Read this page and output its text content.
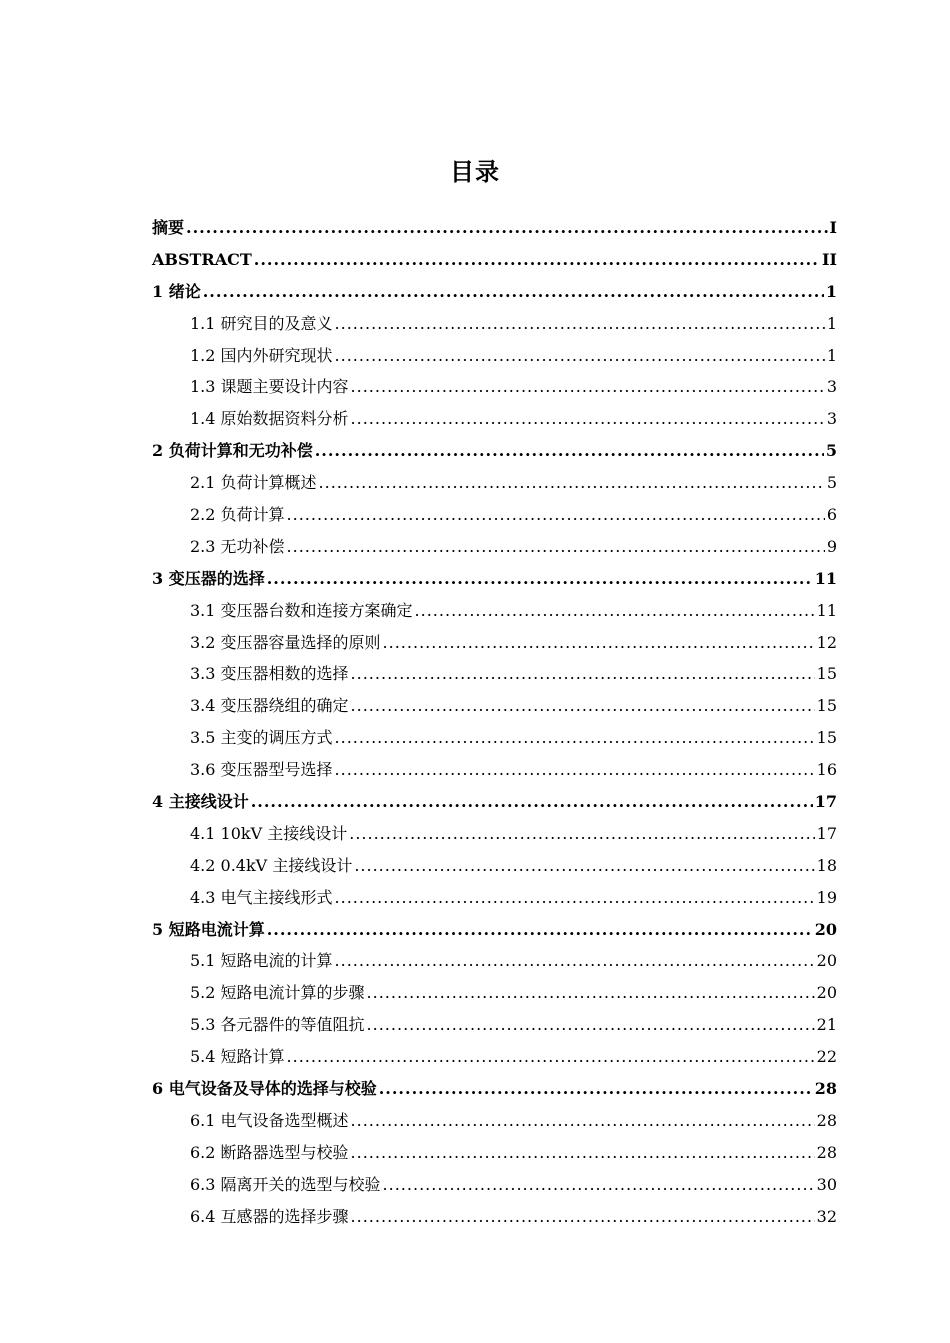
目录
摘要 .....	I
ABSTRACT .....	II
1 绪论 .....	1
1.1 研究目的及意义 .....	1
1.2 国内外研究现状 .....	1
1.3 课题主要设计内容 .....	3
1.4 原始数据资料分析 .....	3
2 负荷计算和无功补偿 .....	5
2.1 负荷计算概述 .....	5
2.2 负荷计算 .....	6
2.3 无功补偿 .....	9
3 变压器的选择 .....	11
3.1 变压器台数和连接方案确定 .....	11
3.2 变压器容量选择的原则 .....	12
3.3 变压器相数的选择 .....	15
3.4 变压器绕组的确定 .....	15
3.5 主变的调压方式 .....	15
3.6 变压器型号选择 .....	16
4 主接线设计 .....	17
4.1 10kV 主接线设计 .....	17
4.2 0.4kV 主接线设计 .....	18
4.3 电气主接线形式 .....	19
5 短路电流计算 .....	20
5.1 短路电流的计算 .....	20
5.2 短路电流计算的步骤 .....	20
5.3 各元器件的等值阻抗 .....	21
5.4 短路计算 .....	22
6 电气设备及导体的选择与校验 .....	28
6.1 电气设备选型概述 .....	28
6.2 断路器选型与校验 .....	28
6.3 隔离开关的选型与校验 .....	30
6.4 互感器的选择步骤 .....	32
